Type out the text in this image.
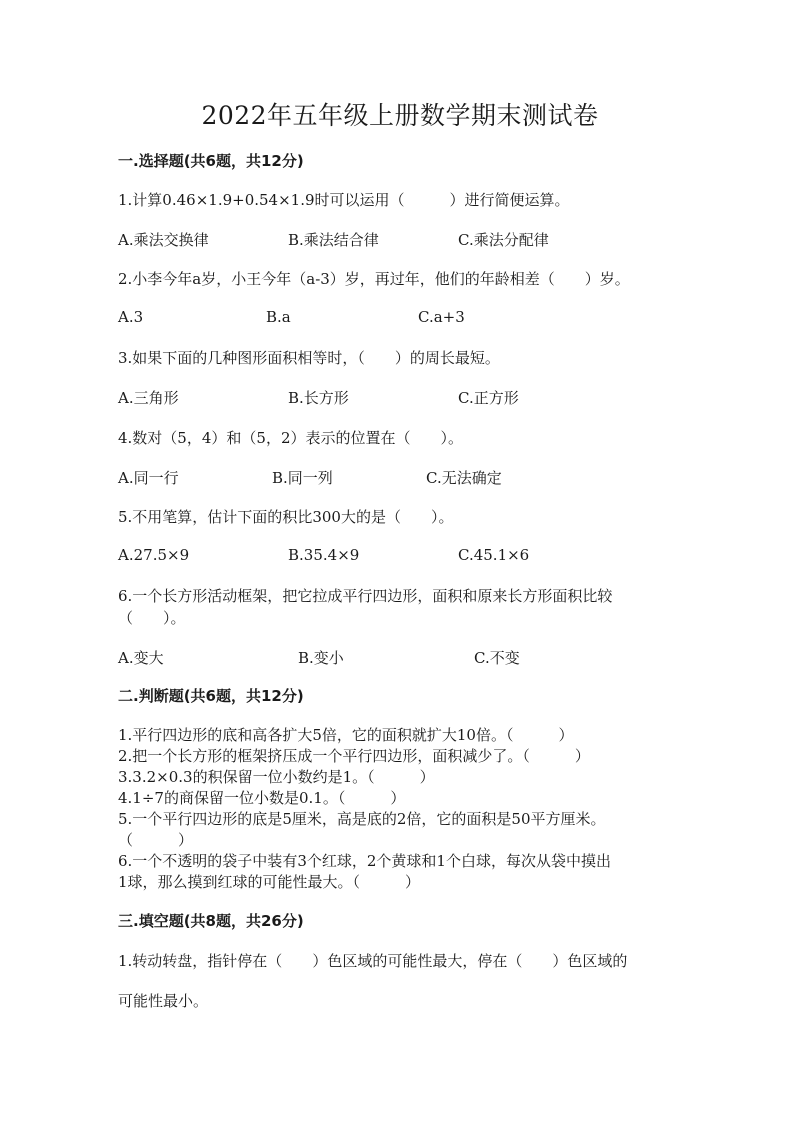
2022年五年级上册数学期末测试卷
一.选择题(共6题，共12分)
1.计算0.46×1.9+0.54×1.9时可以运用（　　　）进行简便运算。
A.乘法交换律	B.乘法结合律	C.乘法分配律
2.小李今年a岁，小王今年（a-3）岁，再过年，他们的年龄相差（　　）岁。
A.3	B.a	C.a+3
3.如果下面的几种图形面积相等时，（　　）的周长最短。
A.三角形	B.长方形	C.正方形
4.数对（5，4）和（5，2）表示的位置在（　　）。
A.同一行	B.同一列	C.无法确定
5.不用笔算，估计下面的积比300大的是（　　）。
A.27.5×9	B.35.4×9	C.45.1×6
6.一个长方形活动框架，把它拉成平行四边形，面积和原来长方形面积比较
（　　）。
A.变大	B.变小	C.不变
二.判断题(共6题，共12分)
1.平行四边形的底和高各扩大5倍，它的面积就扩大10倍。（　　　）
2.把一个长方形的框架挤压成一个平行四边形，面积减少了。（　　　）
3.3.2×0.3的积保留一位小数约是1。（　　　）
4.1÷7的商保留一位小数是0.1。（　　　）
5.一个平行四边形的底是5厘米，高是底的2倍，它的面积是50平方厘米。
（　　　）
6.一个不透明的袋子中装有3个红球，2个黄球和1个白球，每次从袋中摸出
1球，那么摸到红球的可能性最大。（　　　）
三.填空题(共8题，共26分)
1.转动转盘，指针停在（　　）色区域的可能性最大，停在（　　）色区域的
可能性最小。
